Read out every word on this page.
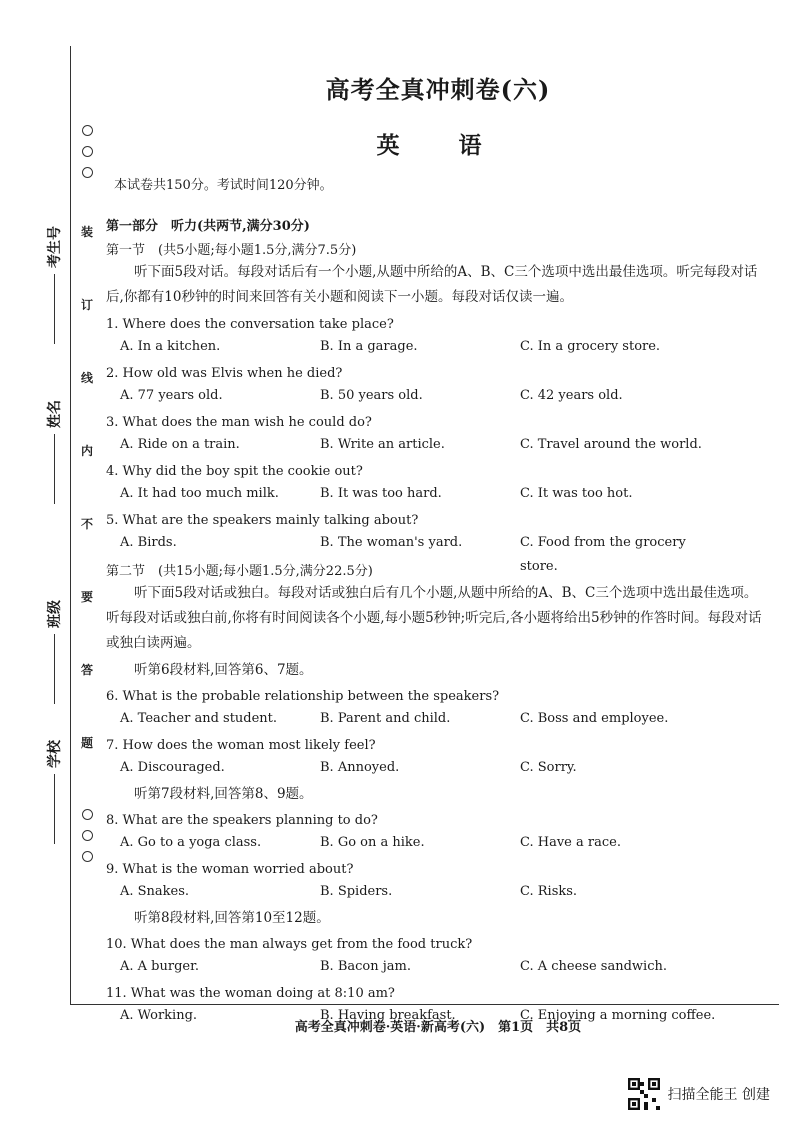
考生号
姓名
班级
学校
装
订
线
内
不
要
答
题
高考全真冲刺卷(六)
英　语
本试卷共150分。考试时间120分钟。
第一部分　听力(共两节,满分30分)
第一节　(共5小题;每小题1.5分,满分7.5分)
听下面5段对话。每段对话后有一个小题,从题中所给的A、B、C三个选项中选出最佳选项。听完每段对话后,你都有10秒钟的时间来回答有关小题和阅读下一小题。每段对话仅读一遍。
1. Where does the conversation take place?
A. In a kitchen.	B. In a garage.	C. In a grocery store.
2. How old was Elvis when he died?
A. 77 years old.	B. 50 years old.	C. 42 years old.
3. What does the man wish he could do?
A. Ride on a train.	B. Write an article.	C. Travel around the world.
4. Why did the boy spit the cookie out?
A. It had too much milk.	B. It was too hard.	C. It was too hot.
5. What are the speakers mainly talking about?
A. Birds.	B. The woman's yard.	C. Food from the grocery store.
第二节　(共15小题;每小题1.5分,满分22.5分)
听下面5段对话或独白。每段对话或独白后有几个小题,从题中所给的A、B、C三个选项中选出最佳选项。听每段对话或独白前,你将有时间阅读各个小题,每小题5秒钟;听完后,各小题将给出5秒钟的作答时间。每段对话或独白读两遍。
听第6段材料,回答第6、7题。
6. What is the probable relationship between the speakers?
A. Teacher and student.	B. Parent and child.	C. Boss and employee.
7. How does the woman most likely feel?
A. Discouraged.	B. Annoyed.	C. Sorry.
听第7段材料,回答第8、9题。
8. What are the speakers planning to do?
A. Go to a yoga class.	B. Go on a hike.	C. Have a race.
9. What is the woman worried about?
A. Snakes.	B. Spiders.	C. Risks.
听第8段材料,回答第10至12题。
10. What does the man always get from the food truck?
A. A burger.	B. Bacon jam.	C. A cheese sandwich.
11. What was the woman doing at 8:10 am?
A. Working.	B. Having breakfast.	C. Enjoying a morning coffee.
高考全真冲刺卷·英语·新高考(六)　第1页　共8页
扫描全能王 创建
